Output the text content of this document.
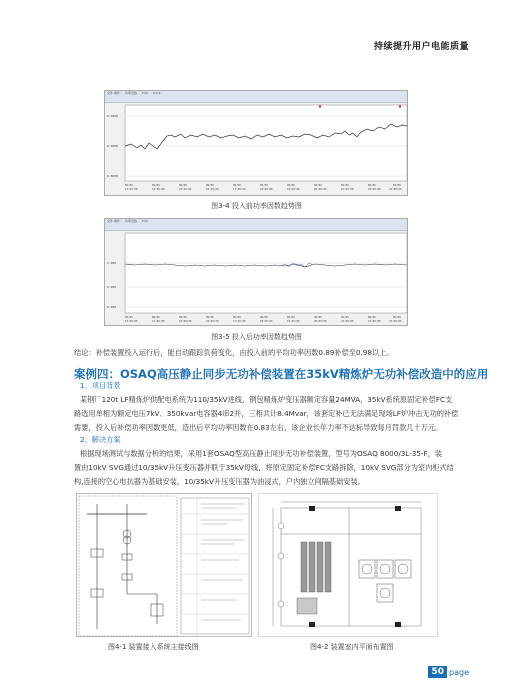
持续提升用户电能质量
文件 操作 功率因数 Fmt Z.A.K
0.9900
0.9000
0.8000
09/06
13:00:00
09/06
14:00:00
09/06
15:00:00
09/06
16:00:00
09/06
17:00:00
09/06
18:00:00
09/06
19:00:00
09/06
20:00:00
09/06
21:00:00
09/06
22:00:00
09/06
23:00:00
图3-4 投入前功率因数趋势图
文件 操作 功率因数 Fmt
1.000
0.900
0.800
09/06
13:00:00
09/06
14:00:00
09/06
15:00:00
09/06
16:00:00
09/06
17:00:00
09/06
18:00:00
09/06
19:00:00
09/06
20:00:00
09/06
21:00:00
09/06
22:00:00
09/06
23:00:00
图3-5 投入后功率因数趋势图
结论：补偿装置投入运行后，能自动跟踪负荷变化，由投入前的平均功率因数0.89补偿至0.98以上。
案例四：OSAQ高压静止同步无功补偿装置在35kV精炼炉无功补偿改造中的应用
1、项目背景
某钢厂120t LF精炼炉供配电系统为110/35kV进线，钢包精炼炉变压器额定容量24MVA，35kV系统原固定补偿FC支
路选用单相为额定电压7kV、350kvar电容器4串2并，三相共计8.4Mvar，该套定补已无法满足现场LF炉冲击无功的补偿
需要，投入后补偿功率因数更低，造出后平均功率因数在0.83左右，该企业长年力率不达标导致每月罚款几十万元。
2、解决方案
根据现场测试与数据分析的结果，采用1套OSAQ型高压静止同步无功补偿装置，型号为OSAQ 8000/3L-35-F，装
置由10kV SVG通过10/35kV升压变压器并联于35kV母线，将原定固定补偿FC支路拆除，10kV SVG部分为室内柜式结
构,连接的空心电抗器为基础安装，10/35kV升压变压器为油浸式，户内独立间隔基础安装。
图4-1 装置接入系统主接线图	图4-2 装置室内平面布置图
50 page
